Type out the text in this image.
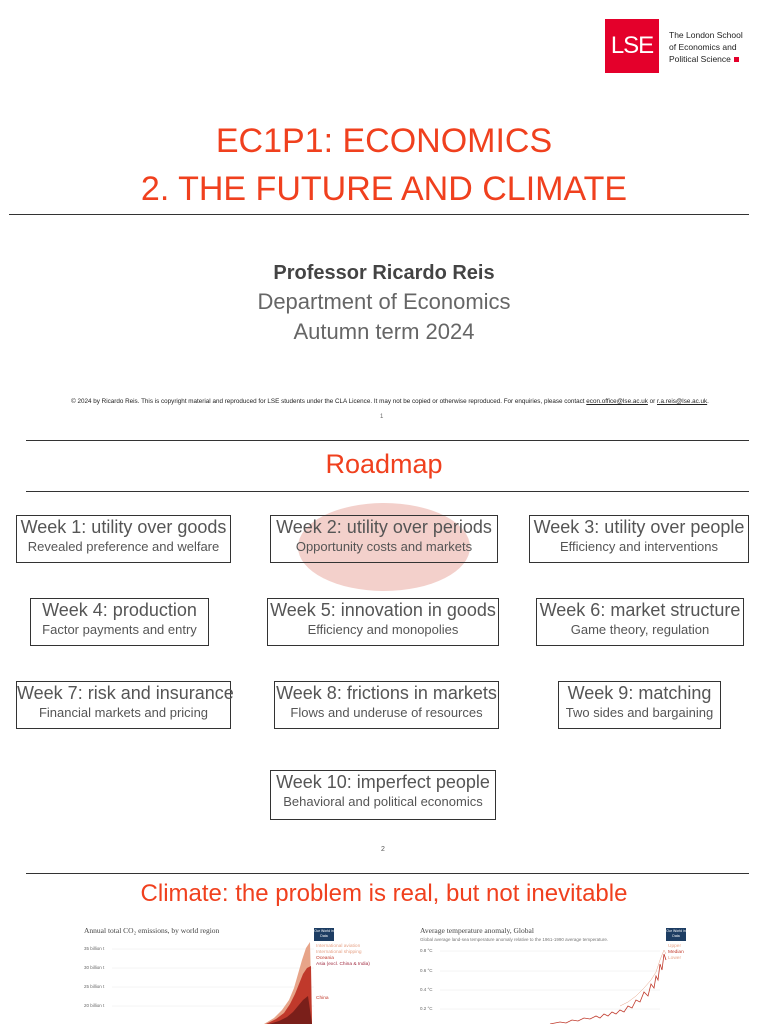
LSE	The London School
of Economics and
Political Science
EC1P1: ECONOMICS
2. THE FUTURE AND CLIMATE
Professor Ricardo Reis
Department of Economics
Autumn term 2024
© 2024 by Ricardo Reis. This is copyright material and reproduced for LSE students under the CLA Licence. It may not be copied or otherwise reproduced. For enquiries, please contact econ.office@lse.ac.uk or r.a.reis@lse.ac.uk.
1
Roadmap
Week 1: utility over goods
Revealed preference and welfare
Week 2: utility over periods
Opportunity costs and markets
Week 3: utility over people
Efficiency and interventions
Week 4: production
Factor payments and entry
Week 5: innovation in goods
Efficiency and monopolies
Week 6: market structure
Game theory, regulation
Week 7: risk and insurance
Financial markets and pricing
Week 8: frictions in markets
Flows and underuse of resources
Week 9: matching
Two sides and bargaining
Week 10: imperfect people
Behavioral and political economics
2
Climate: the problem is real, but not inevitable
Annual total CO₂ emissions, by world region	Our World in Data
35 billion t
30 billion t
25 billion t
20 billion t
International aviation
International shipping
Oceania
Asia (excl. China & India)
China
Average temperature anomaly, Global
Global average land-sea temperature anomaly relative to the 1961-1990 average temperature.
Our World in Data
0.8 °C
0.6 °C
0.4 °C
0.2 °C
Upper
Median
Lower
